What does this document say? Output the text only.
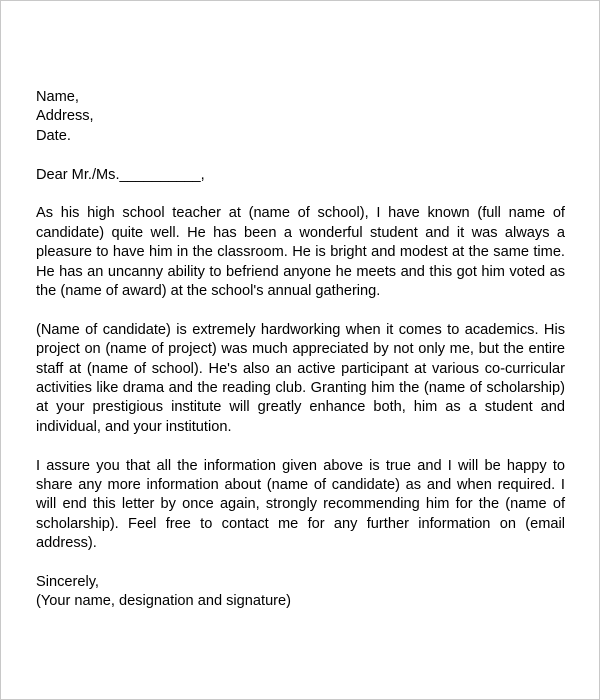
Name,
Address,
Date.
Dear Mr./Ms.__________,

As his high school teacher at (name of school), I have known (full name of candidate) quite well. He has been a wonderful student and it was always a pleasure to have him in the classroom. He is bright and modest at the same time. He has an uncanny ability to befriend anyone he meets and this got him voted as the (name of award) at the school's annual gathering.

(Name of candidate) is extremely hardworking when it comes to academics. His project on (name of project) was much appreciated by not only me, but the entire staff at (name of school). He's also an active participant at various co-curricular activities like drama and the reading club. Granting him the (name of scholarship) at your prestigious institute will greatly enhance both, him as a student and individual, and your institution.

I assure you that all the information given above is true and I will be happy to share any more information about (name of candidate) as and when required. I will end this letter by once again, strongly recommending him for the (name of scholarship). Feel free to contact me for any further information on (email address).

Sincerely,
(Your name, designation and signature)
